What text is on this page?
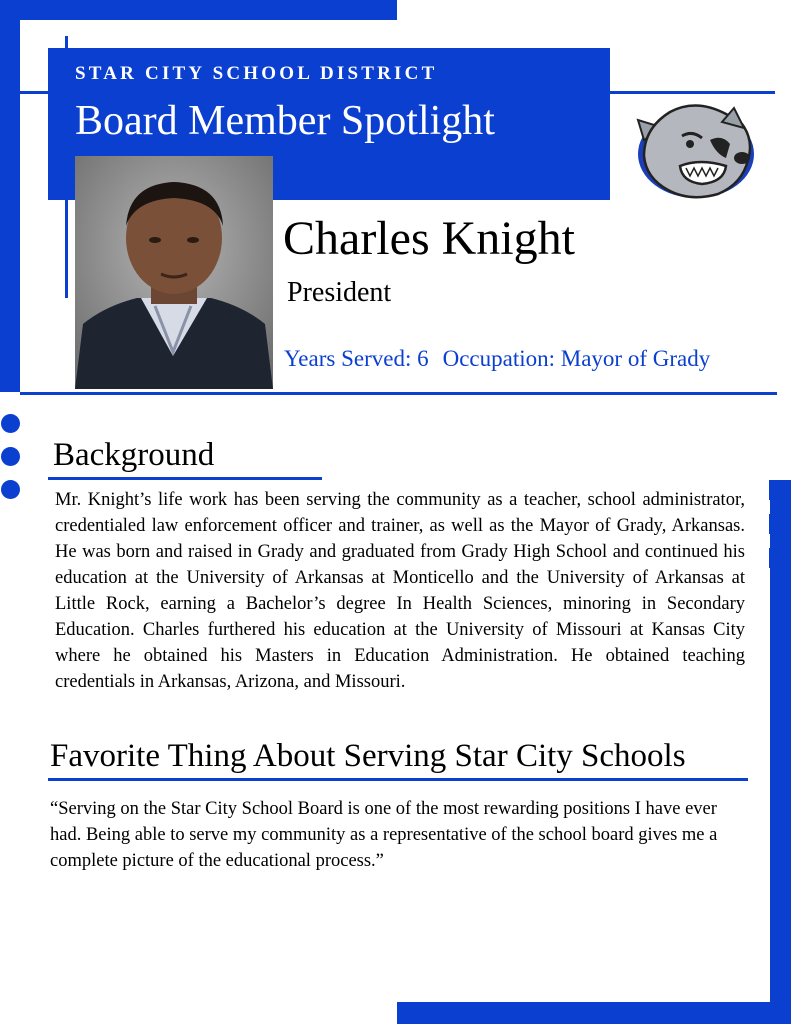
STAR CITY SCHOOL DISTRICT
Board Member Spotlight
Charles Knight
President
Years Served: 6 Occupation: Mayor of Grady
Background
Mr. Knight’s life work has been serving the community as a teacher, school administrator, credentialed law enforcement officer and trainer, as well as the Mayor of Grady, Arkansas. He was born and raised in Grady and graduated from Grady High School and continued his education at the University of Arkansas at Monticello and the University of Arkansas at Little Rock, earning a Bachelor’s degree In Health Sciences, minoring in Secondary Education. Charles furthered his education at the University of Missouri at Kansas City where he obtained his Masters in Education Administration. He obtained teaching credentials in Arkansas, Arizona, and Missouri.
Favorite Thing About Serving Star City Schools
“Serving on the Star City School Board is one of the most rewarding positions I have ever had. Being able to serve my community as a representative of the school board gives me a complete picture of the educational process.”
